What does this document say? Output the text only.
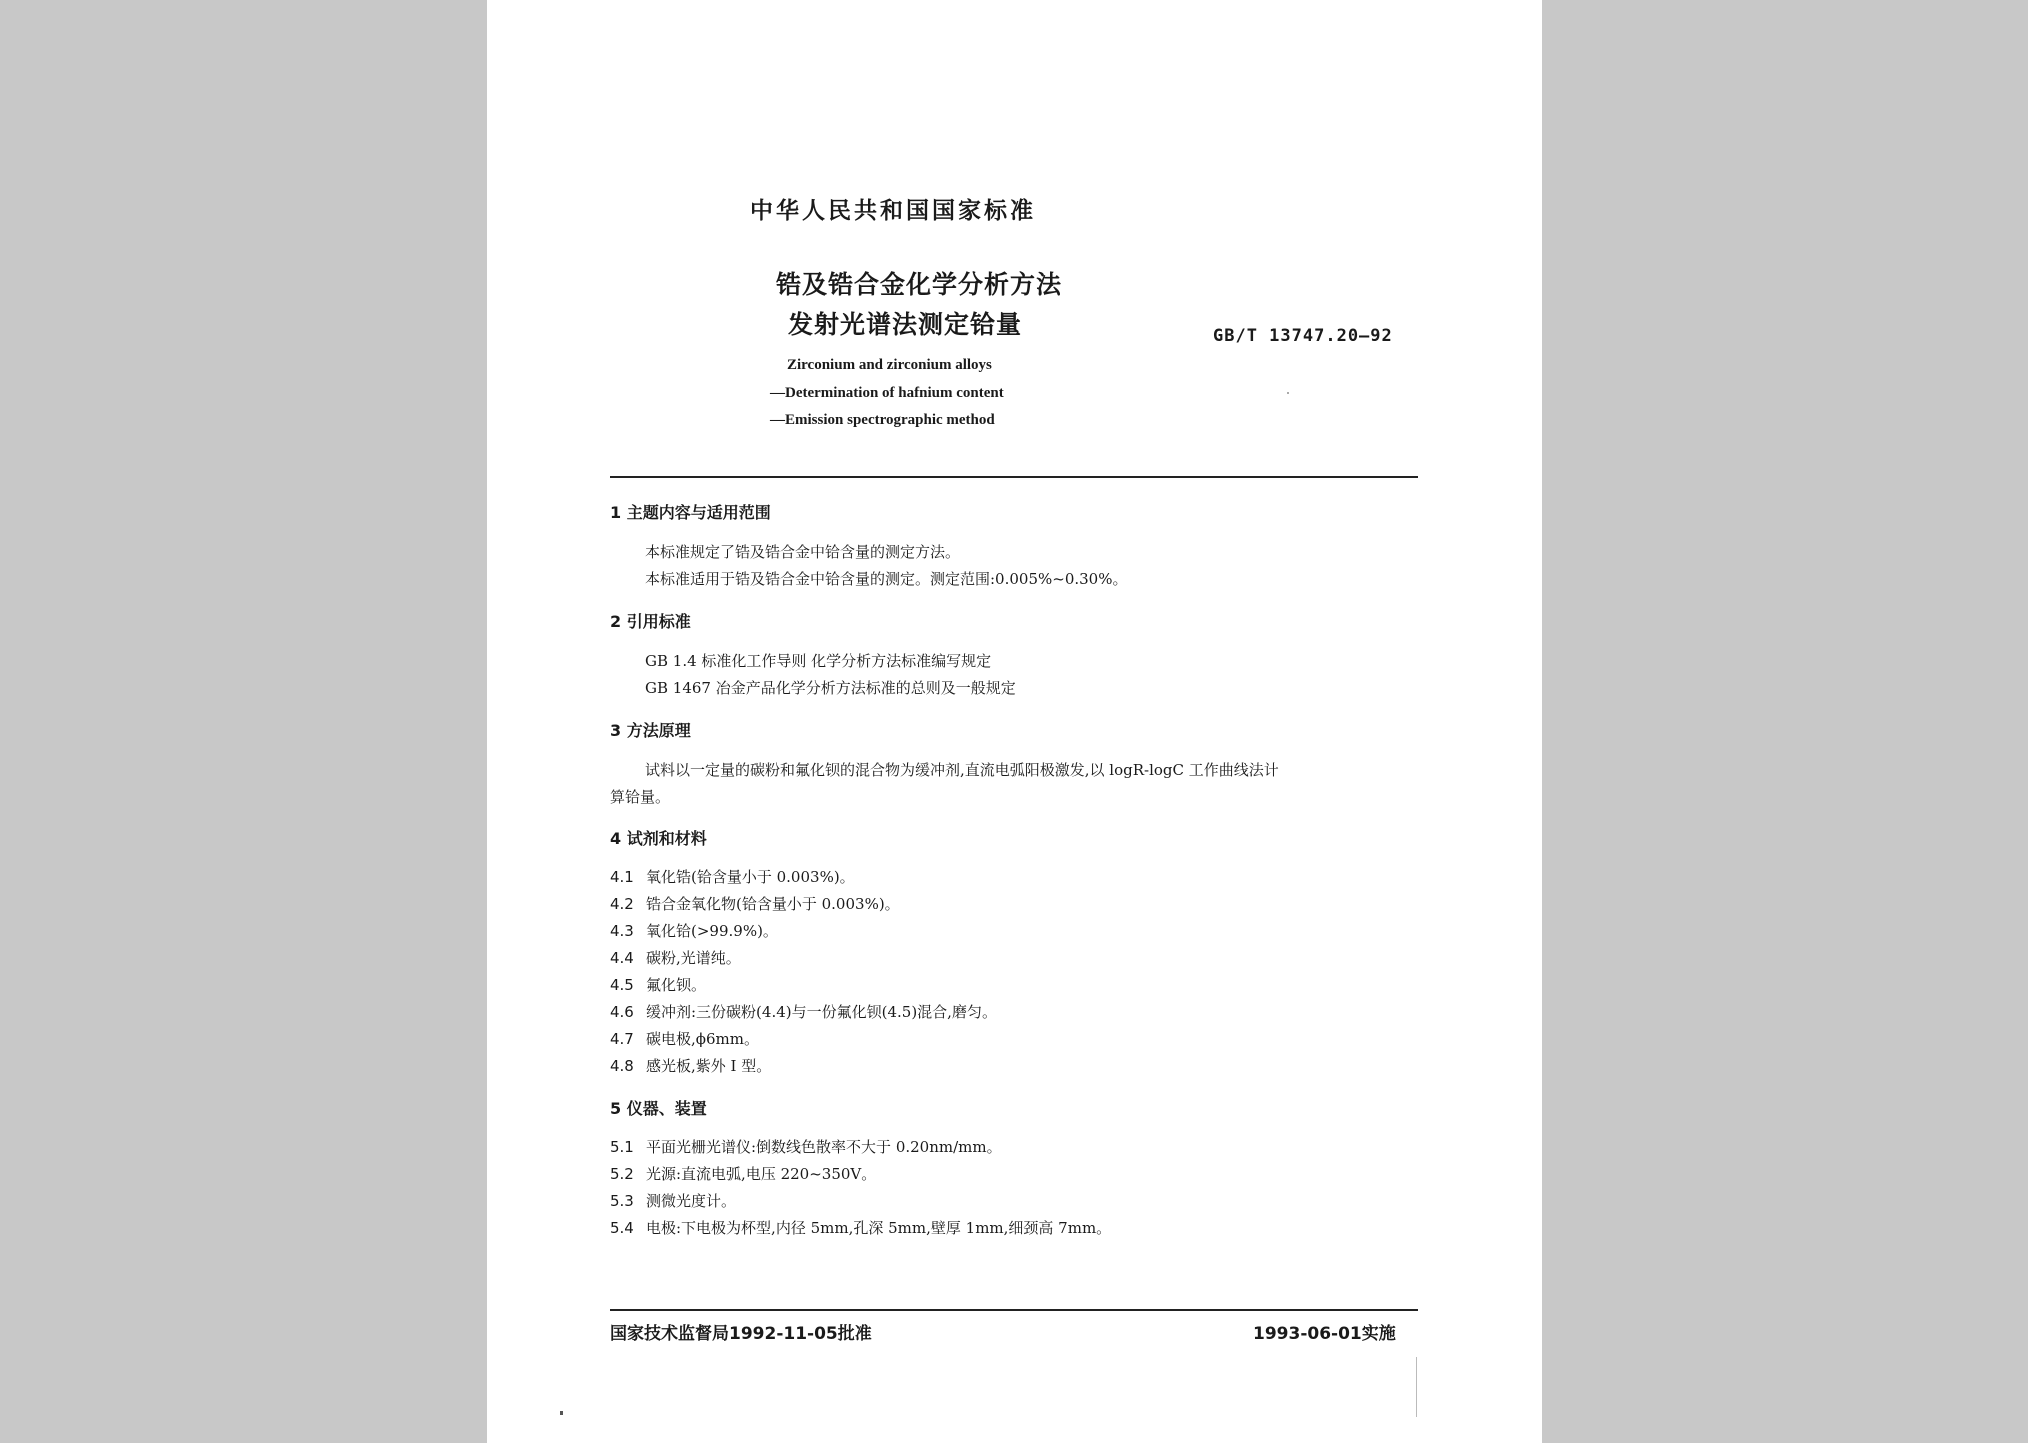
中华人民共和国国家标准
锆及锆合金化学分析方法
发射光谱法测定铪量	GB/T 13747.20—92
Zirconium and zirconium alloys
—Determination of hafnium content
—Emission spectrographic method
1 主题内容与适用范围
本标准规定了锆及锆合金中铪含量的测定方法。
本标准适用于锆及锆合金中铪含量的测定。测定范围:0.005%~0.30%。
2 引用标准
GB 1.4 标准化工作导则 化学分析方法标准编写规定
GB 1467 冶金产品化学分析方法标准的总则及一般规定
3 方法原理
试料以一定量的碳粉和氟化钡的混合物为缓冲剂,直流电弧阳极激发,以 logR-logC 工作曲线法计
算铪量。
4 试剂和材料
4.1 氧化锆(铪含量小于 0.003%)。
4.2 锆合金氧化物(铪含量小于 0.003%)。
4.3 氧化铪(>99.9%)。
4.4 碳粉,光谱纯。
4.5 氟化钡。
4.6 缓冲剂:三份碳粉(4.4)与一份氟化钡(4.5)混合,磨匀。
4.7 碳电极,ϕ6mm。
4.8 感光板,紫外 I 型。
5 仪器、装置
5.1 平面光栅光谱仪:倒数线色散率不大于 0.20nm/mm。
5.2 光源:直流电弧,电压 220~350V。
5.3 测微光度计。
5.4 电极:下电极为杯型,内径 5mm,孔深 5mm,壁厚 1mm,细颈高 7mm。
国家技术监督局1992-11-05批准	1993-06-01实施
